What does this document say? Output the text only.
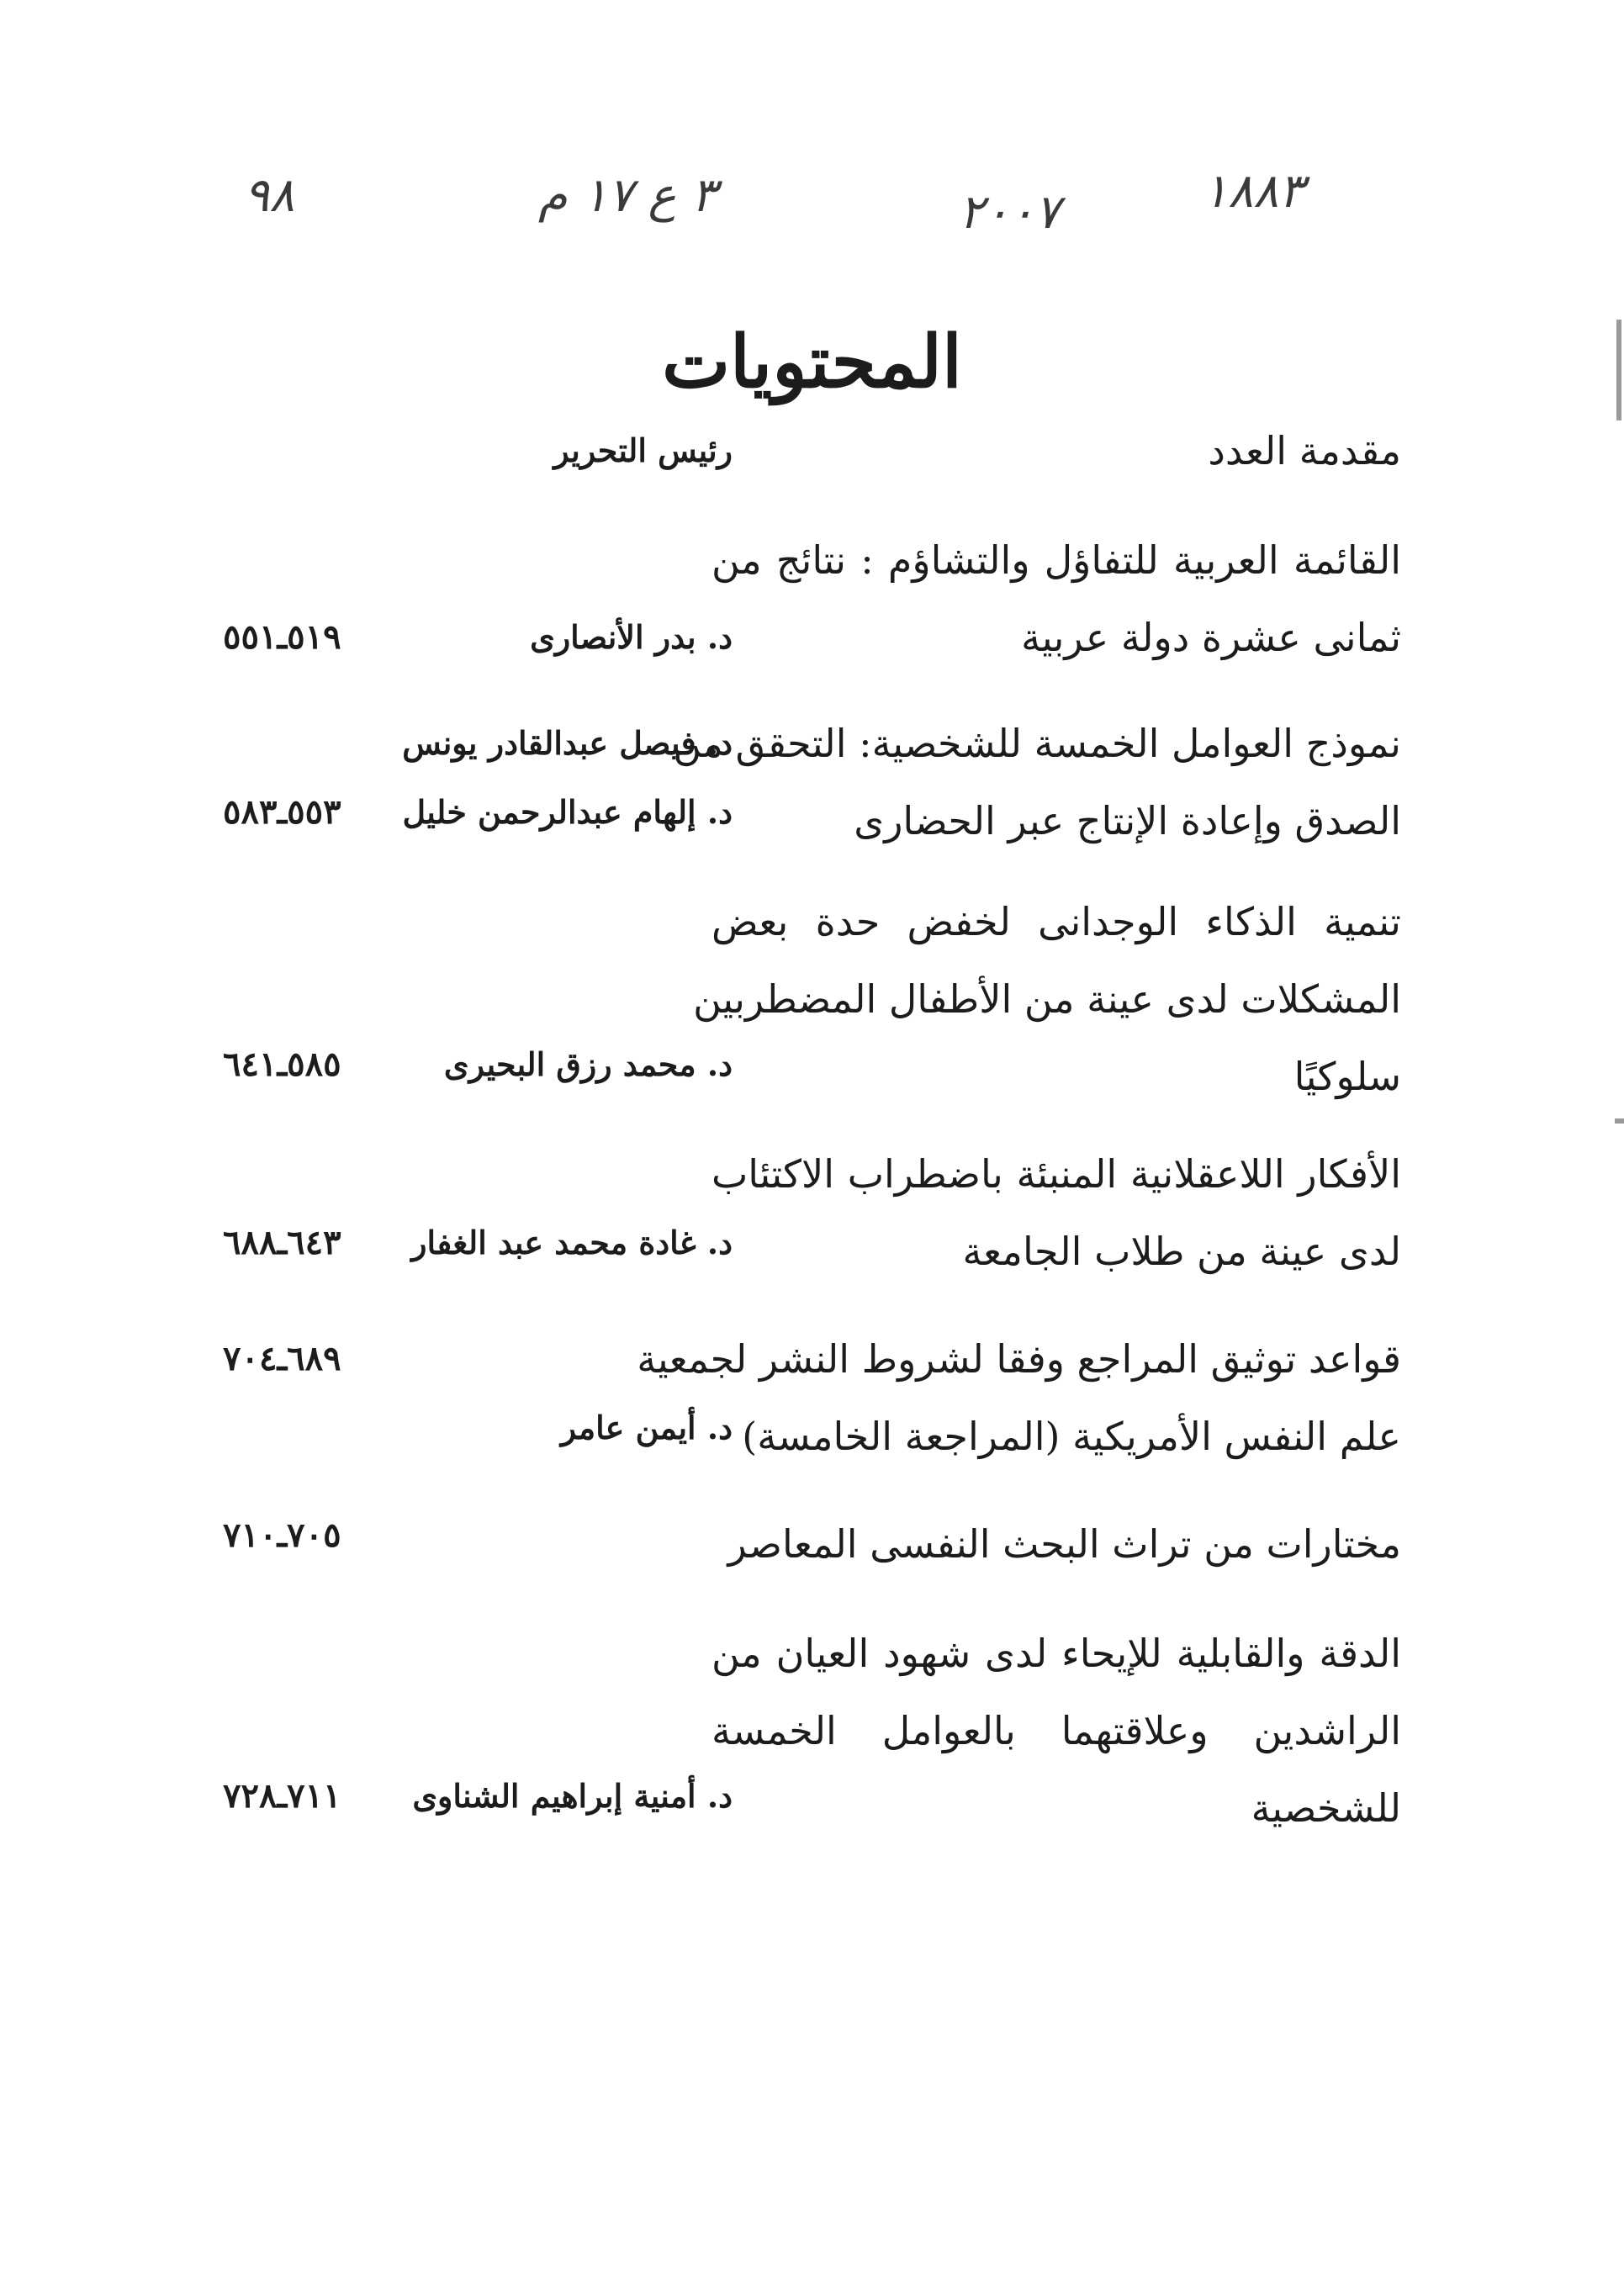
٩٨	٣ ع ١٧ م	٢٠٠٧	١٨٨٣
المحتويات
مقدمة العدد
رئيس التحرير
القائمة العربية للتفاؤل والتشاؤم : نتائج من
ثمانى عشرة دولة عربية
د. بدر الأنصارى
٥١٩ـ٥٥١
نموذج العوامل الخمسة للشخصية: التحقق من
الصدق وإعادة الإنتاج عبر الحضارى
د. فيصل عبدالقادر يونس
د. إلهام عبدالرحمن خليل
٥٥٣ـ٥٨٣
تنمية الذكاء الوجدانى لخفض حدة بعض
المشكلات لدى عينة من الأطفال المضطربين
سلوكيًا
د. محمد رزق البحيرى
٥٨٥ـ٦٤١
الأفكار اللاعقلانية المنبئة باضطراب الاكتئاب
لدى عينة من طلاب الجامعة
د. غادة محمد عبد الغفار
٦٤٣ـ٦٨٨
قواعد توثيق المراجع وفقا لشروط النشر لجمعية
علم النفس الأمريكية (المراجعة الخامسة)
د. أيمن عامر
٦٨٩ـ٧٠٤
مختارات من تراث البحث النفسى المعاصر
٧٠٥ـ٧١٠
الدقة والقابلية للإيحاء لدى شهود العيان من
الراشدين وعلاقتهما بالعوامل الخمسة
للشخصية
د. أمنية إبراهيم الشناوى
٧١١ـ٧٢٨
